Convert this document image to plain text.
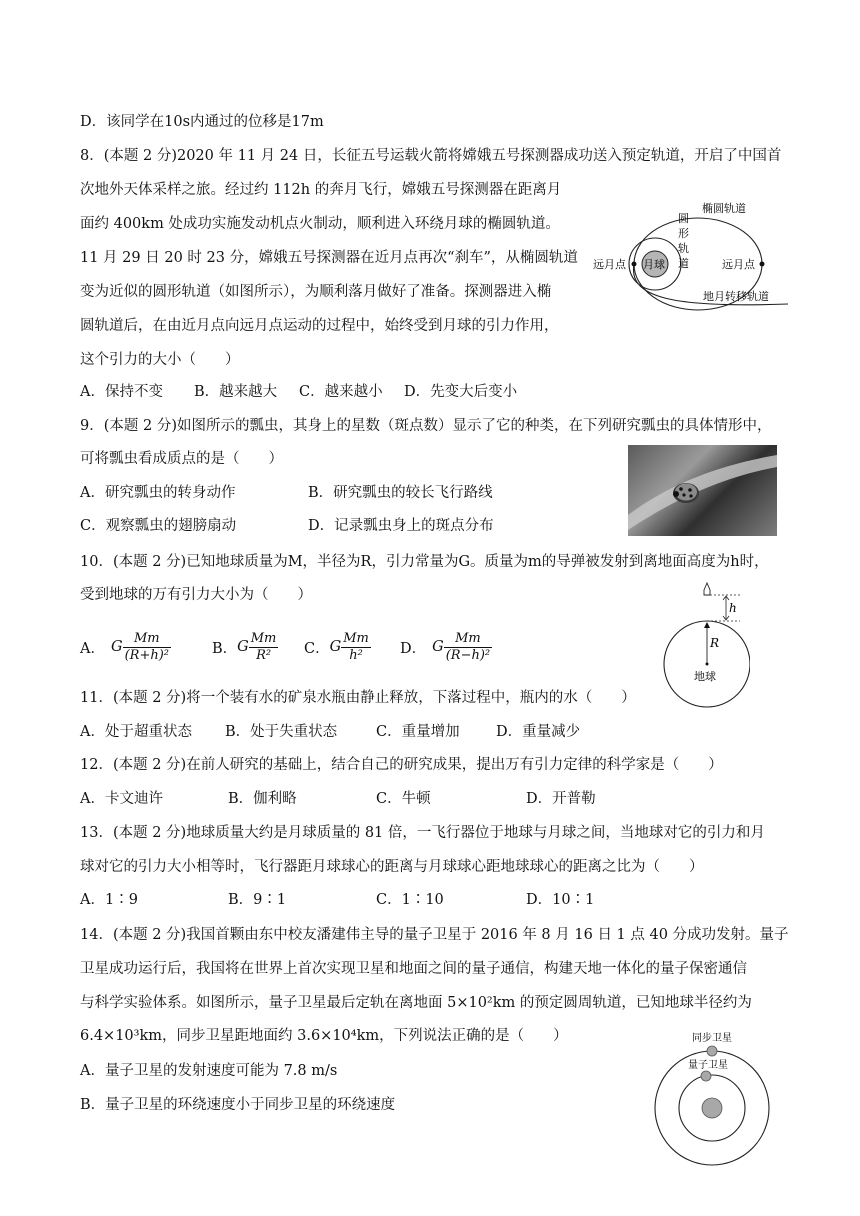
D．该同学在10s内通过的位移是17m
8．(本题 2 分)2020 年 11 月 24 日，长征五号运载火箭将嫦娥五号探测器成功送入预定轨道，开启了中国首
次地外天体采样之旅。经过约 112h 的奔月飞行，嫦娥五号探测器在距离月
面约 400km 处成功实施发动机点火制动，顺利进入环绕月球的椭圆轨道。
11 月 29 日 20 时 23 分，嫦娥五号探测器在近月点再次“刹车”，从椭圆轨道
变为近似的圆形轨道（如图所示），为顺利落月做好了准备。探测器进入椭
圆轨道后，在由近月点向远月点运动的过程中，始终受到月球的引力作用，
这个引力的大小（　　）
A．保持不变 B．越来越大 C．越来越小 D．先变大后变小
远月点 月球
椭圆轨道
圆
形
轨
道	远月点
地月转移轨道
9．(本题 2 分)如图所示的瓢虫，其身上的星数（斑点数）显示了它的种类，在下列研究瓢虫的具体情形中，
可将瓢虫看成质点的是（　　）
A．研究瓢虫的转身动作	B．研究瓢虫的较长飞行路线
C．观察瓢虫的翅膀扇动	D．记录瓢虫身上的斑点分布
10．(本题 2 分)已知地球质量为M，半径为R，引力常量为G。质量为m的导弹被发射到离地面高度为h时，
受到地球的万有引力大小为（　　）
A． G $\frac{Mm}{\text{(R+h)²}}$	B． G $\frac{Mm}{\text{R²}}$ C． G $\frac{Mm}{\text{h²}}$ D． G $\frac{Mm}{\text{(R−h)²}}$
h
R
地球
11．(本题 2 分)将一个装有水的矿泉水瓶由静止释放，下落过程中，瓶内的水（　　）
A．处于超重状态 B．处于失重状态	C．重量增加	D．重量减少
12．(本题 2 分)在前人研究的基础上，结合自己的研究成果，提出万有引力定律的科学家是（　　）
A．卡文迪许	B．伽利略	C．牛顿	D．开普勒
13．(本题 2 分)地球质量大约是月球质量的 81 倍，一飞行器位于地球与月球之间，当地球对它的引力和月
球对它的引力大小相等时，飞行器距月球球心的距离与月球球心距地球球心的距离之比为（　　）
A．1∶9	B．9∶1	C．1∶10	D．10∶1
14．(本题 2 分)我国首颗由东中校友潘建伟主导的量子卫星于 2016 年 8 月 16 日 1 点 40 分成功发射。量子
卫星成功运行后，我国将在世界上首次实现卫星和地面之间的量子通信，构建天地一体化的量子保密通信
与科学实验体系。如图所示，量子卫星最后定轨在离地面 5×10²km 的预定圆周轨道，已知地球半径约为
6.4×10³km，同步卫星距地面约 3.6×10⁴km，下列说法正确的是（　　）
A．量子卫星的发射速度可能为 7.8 m/s
B．量子卫星的环绕速度小于同步卫星的环绕速度
同步卫星
量子卫星
